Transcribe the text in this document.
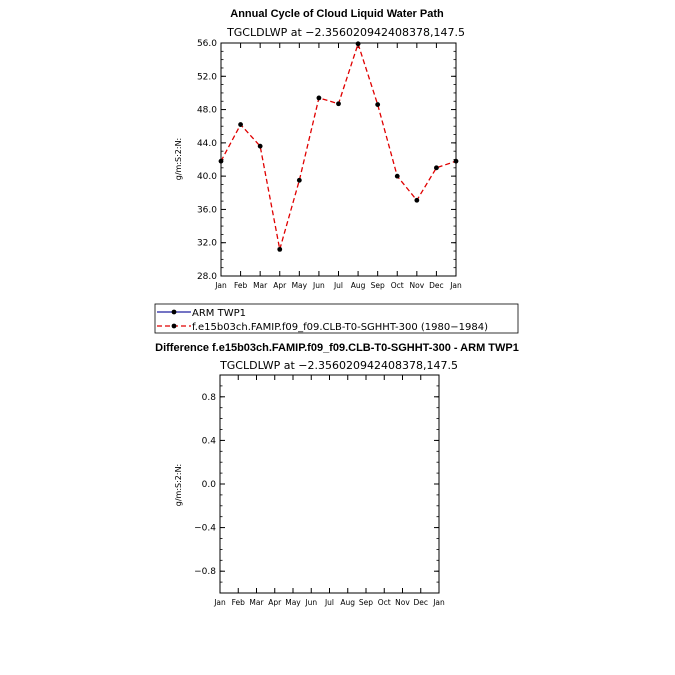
Annual Cycle of Cloud Liquid Water Path
TGCLDLWP at −2.356020942408378,147.5
g/m:S:2:N:
28.0
32.0
36.0
40.0
44.0
48.0
52.0
56.0
Jan Feb Mar Apr May Jun Jul Aug Sep Oct Nov Dec Jan
ARM TWP1
f.e15b03ch.FAMIP.f09_f09.CLB-T0-SGHHT-300 (1980−1984)
Difference f.e15b03ch.FAMIP.f09_f09.CLB-T0-SGHHT-300 - ARM TWP1
TGCLDLWP at −2.356020942408378,147.5
g/m:S:2:N:
−0.8
−0.4
0.0
0.4
0.8
Jan Feb Mar Apr May Jun Jul Aug Sep Oct Nov Dec Jan
